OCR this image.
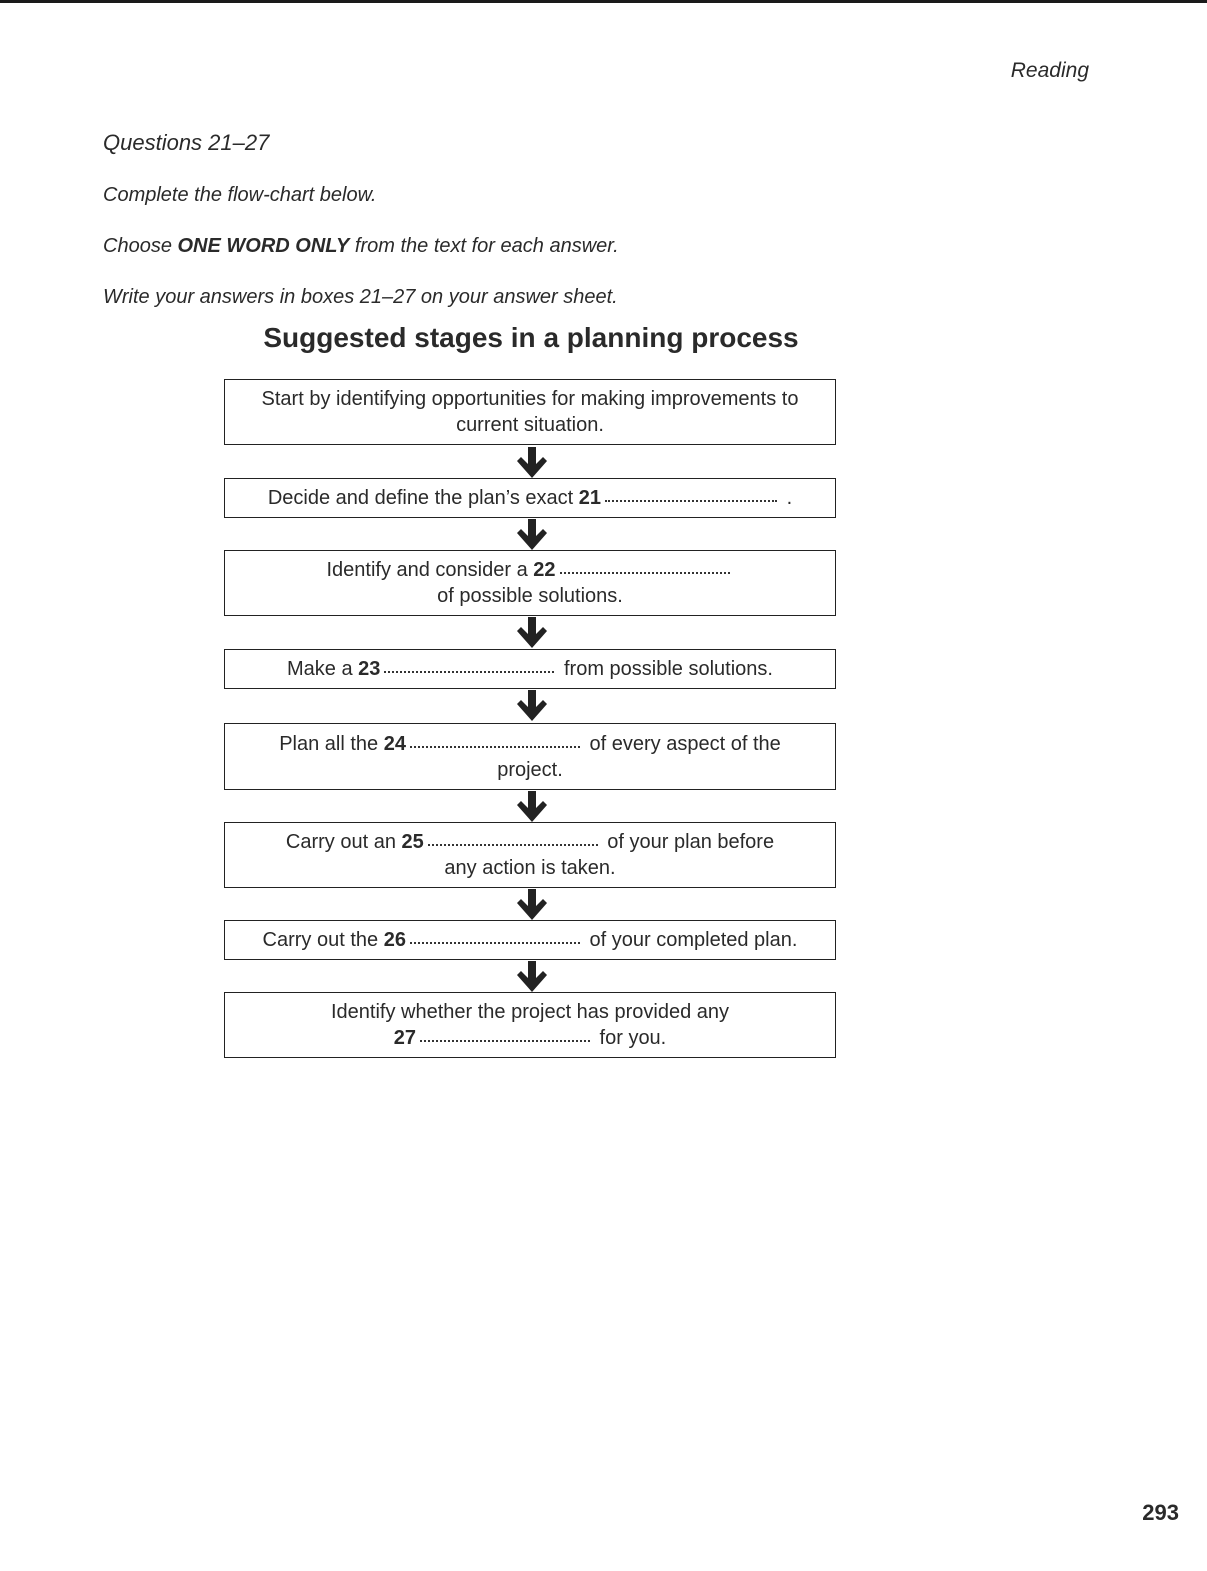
Reading
Questions 21–27
Complete the flow-chart below.
Choose ONE WORD ONLY from the text for each answer.
Write your answers in boxes 21–27 on your answer sheet.
Suggested stages in a planning process
Start by identifying opportunities for making improvements to current situation.
Decide and define the plan’s exact 21	.
Identify and consider a 22
of possible solutions.
Make a 23	from possible solutions.
Plan all the 24	of every aspect of the
project.
Carry out an 25	of your plan before
any action is taken.
Carry out the 26	of your completed plan.
Identify whether the project has provided any
27	for you.
293
